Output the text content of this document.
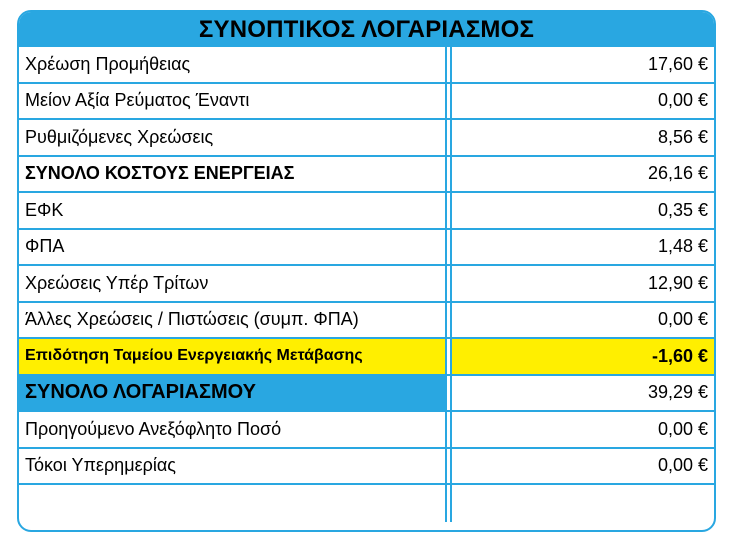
ΣΥΝΟΠΤΙΚΟΣ ΛΟΓΑΡΙΑΣΜΟΣ
Χρέωση Προμήθειας	17,60 €
Μείον Αξία Ρεύματος Έναντι	0,00 €
Ρυθμιζόμενες Χρεώσεις	8,56 €
ΣΥΝΟΛΟ ΚΟΣΤΟΥΣ ΕΝΕΡΓΕΙΑΣ	26,16 €
ΕΦΚ	0,35 €
ΦΠΑ	1,48 €
Χρεώσεις Υπέρ Τρίτων	12,90 €
Άλλες Χρεώσεις / Πιστώσεις (συμπ. ΦΠΑ)	0,00 €
Επιδότηση Ταμείου Ενεργειακής Μετάβασης	-1,60 €
ΣΥΝΟΛΟ ΛΟΓΑΡΙΑΣΜΟΥ	39,29 €
Προηγούμενο Ανεξόφλητο Ποσό	0,00 €
Τόκοι Υπερημερίας	0,00 €
